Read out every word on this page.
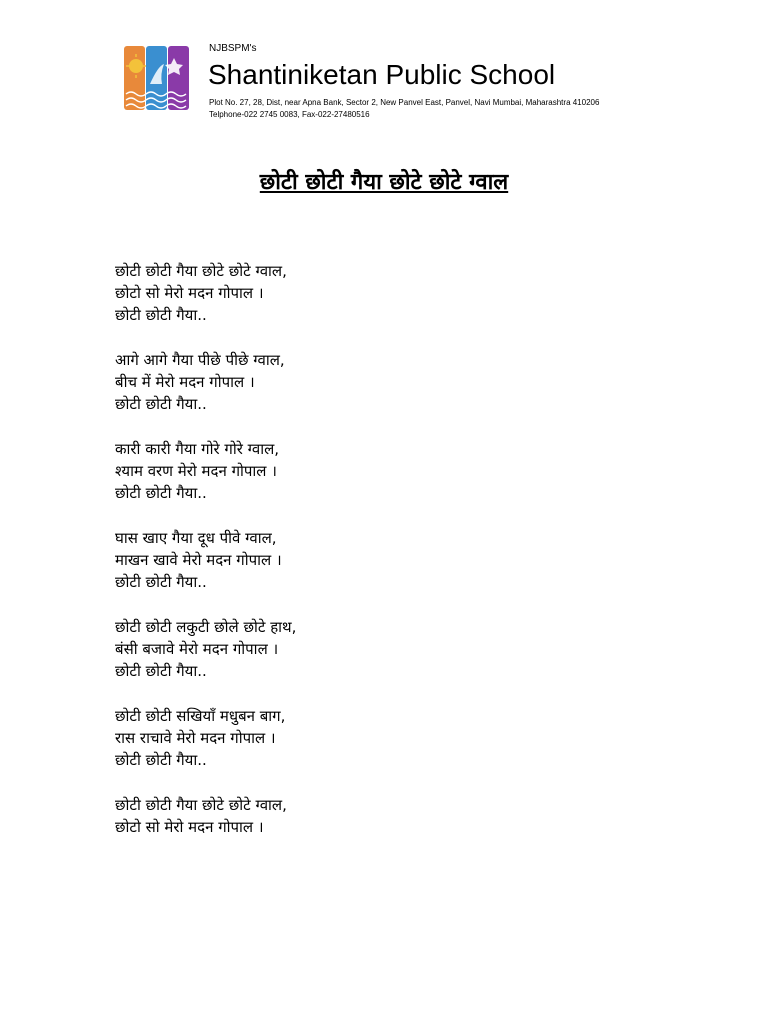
NJBSPM's
Shantiniketan Public School
Plot No. 27, 28, Dist, near Apna Bank, Sector 2, New Panvel East, Panvel, Navi Mumbai, Maharashtra 410206
Telphone-022 2745 0083, Fax-022-27480516
छोटी छोटी गैया छोटे छोटे ग्वाल
छोटी छोटी गैया छोटे छोटे ग्वाल,
छोटो सो मेरो मदन गोपाल ।
छोटी छोटी गैया..
आगे आगे गैया पीछे पीछे ग्वाल,
बीच में मेरो मदन गोपाल ।
छोटी छोटी गैया..
कारी कारी गैया गोरे गोरे ग्वाल,
श्याम वरण मेरो मदन गोपाल ।
छोटी छोटी गैया..
घास खाए गैया दूध पीवे ग्वाल,
माखन खावे मेरो मदन गोपाल ।
छोटी छोटी गैया..
छोटी छोटी लकुटी छोले छोटे हाथ,
बंसी बजावे मेरो मदन गोपाल ।
छोटी छोटी गैया..
छोटी छोटी सखियाँ मधुबन बाग,
रास राचावे मेरो मदन गोपाल ।
छोटी छोटी गैया..
छोटी छोटी गैया छोटे छोटे ग्वाल,
छोटो सो मेरो मदन गोपाल ।
